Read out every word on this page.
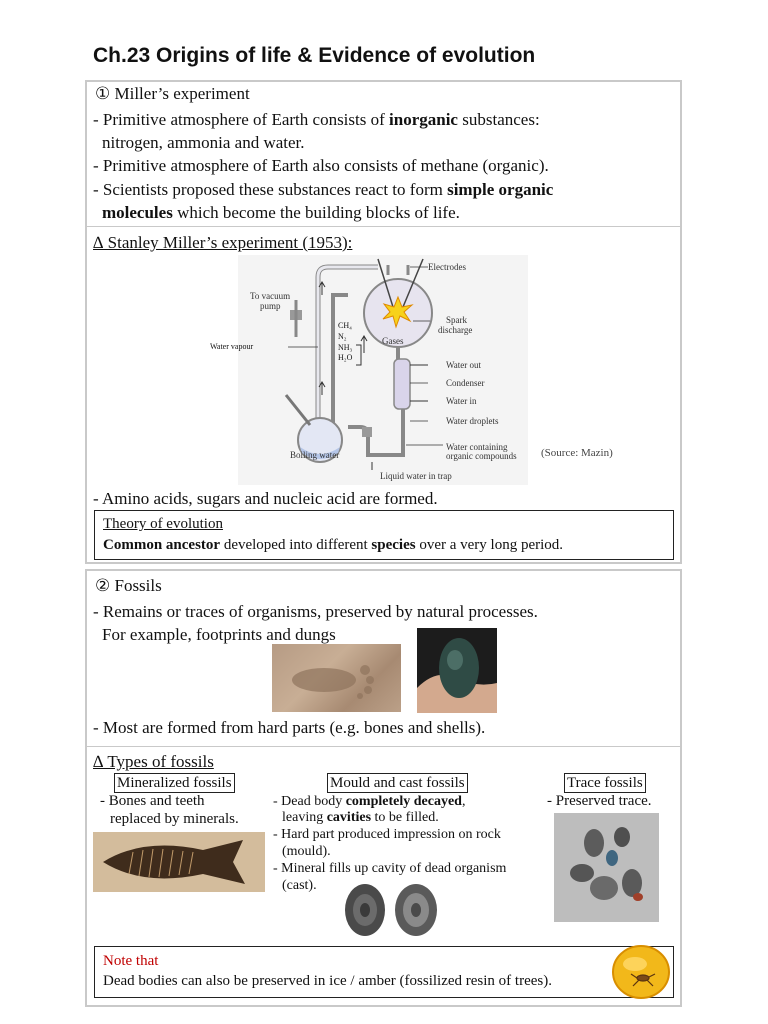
Ch.23 Origins of life & Evidence of evolution
① Miller’s experiment
- Primitive atmosphere of Earth consists of inorganic substances:
nitrogen, ammonia and water.
- Primitive atmosphere of Earth also consists of methane (organic).
- Scientists proposed these substances react to form simple organic
molecules which become the building blocks of life.
∆ Stanley Miller’s experiment (1953):
Electrodes
To vacuum
pump
Spark
discharge
Gases
CH₄
N₂
NH₃
H₂O
Water vapour
Water out
Condenser
Water in
Water droplets
Water containing
organic compounds
Boiling water
Liquid water in trap
(Source: Mazin)
- Amino acids, sugars and nucleic acid are formed.
Theory of evolution
Common ancestor developed into different species over a very long period.
② Fossils
- Remains or traces of organisms, preserved by natural processes.
For example, footprints and dungs
- Most are formed from hard parts (e.g. bones and shells).
∆ Types of fossils
Mineralized fossils
- Bones and teeth
replaced by minerals.
Mould and cast fossils
- Dead body completely decayed,
leaving cavities to be filled.
- Hard part produced impression on rock
(mould).
- Mineral fills up cavity of dead organism
(cast).
Trace fossils
- Preserved trace.
Note that
Dead bodies can also be preserved in ice / amber (fossilized resin of trees).
